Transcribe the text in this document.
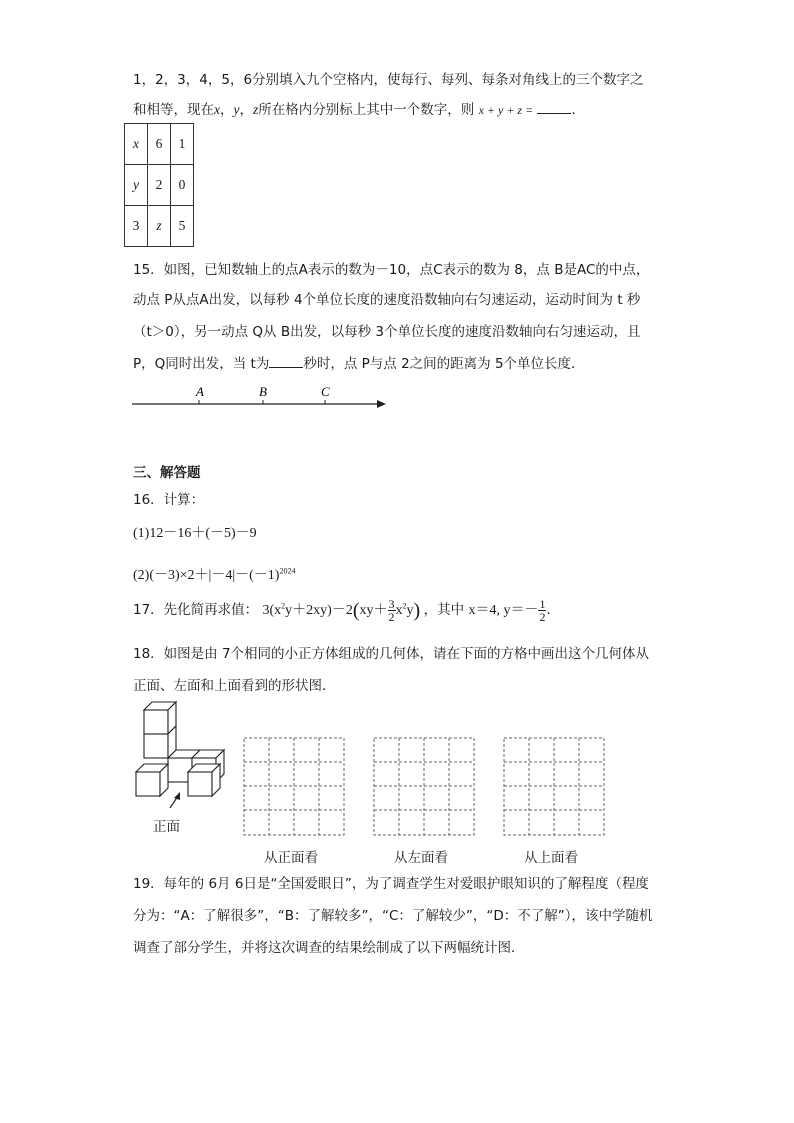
1，2，3，4，5，6分别填入九个空格内，使每行、每列、每条对角线上的三个数字之
和相等，现在x，y，z所在格内分别标上其中一个数字，则 x + y + z =	．
x	6	1
y	2	0
3	z	5
15．如图，已知数轴上的点A表示的数为－10，点C表示的数为 8，点 B是AC的中点，
动点 P从点A出发，以每秒 4个单位长度的速度沿数轴向右匀速运动，运动时间为 t 秒
（t＞0），另一动点 Q从 B出发，以每秒 3个单位长度的速度沿数轴向右匀速运动，且
P，Q同时出发，当 t为	秒时，点 P与点 2之间的距离为 5个单位长度．
A	B	C
三、解答题
16．计算：
(1)12－16＋(－5)－9
$(2)(-3)\times 2+|-4|-(-1)^{2024}$
17．先化简再求值： $3(x^2y+2xy)-2(xy+ \frac{3}{2} x^2y)$ ，其中 x＝4, $y=- \frac{1}{2}$ ．
18．如图是由 7个相同的小正方体组成的几何体，请在下面的方格中画出这个几何体从
正面、左面和上面看到的形状图．
正面
从正面看	从左面看	从上面看
19．每年的 6月 6日是“全国爱眼日”，为了调查学生对爱眼护眼知识的了解程度（程度
分为：“A：了解很多”，“B：了解较多”，“C：了解较少”，“D：不了解”），该中学随机
调查了部分学生，并将这次调查的结果绘制成了以下两幅统计图．
